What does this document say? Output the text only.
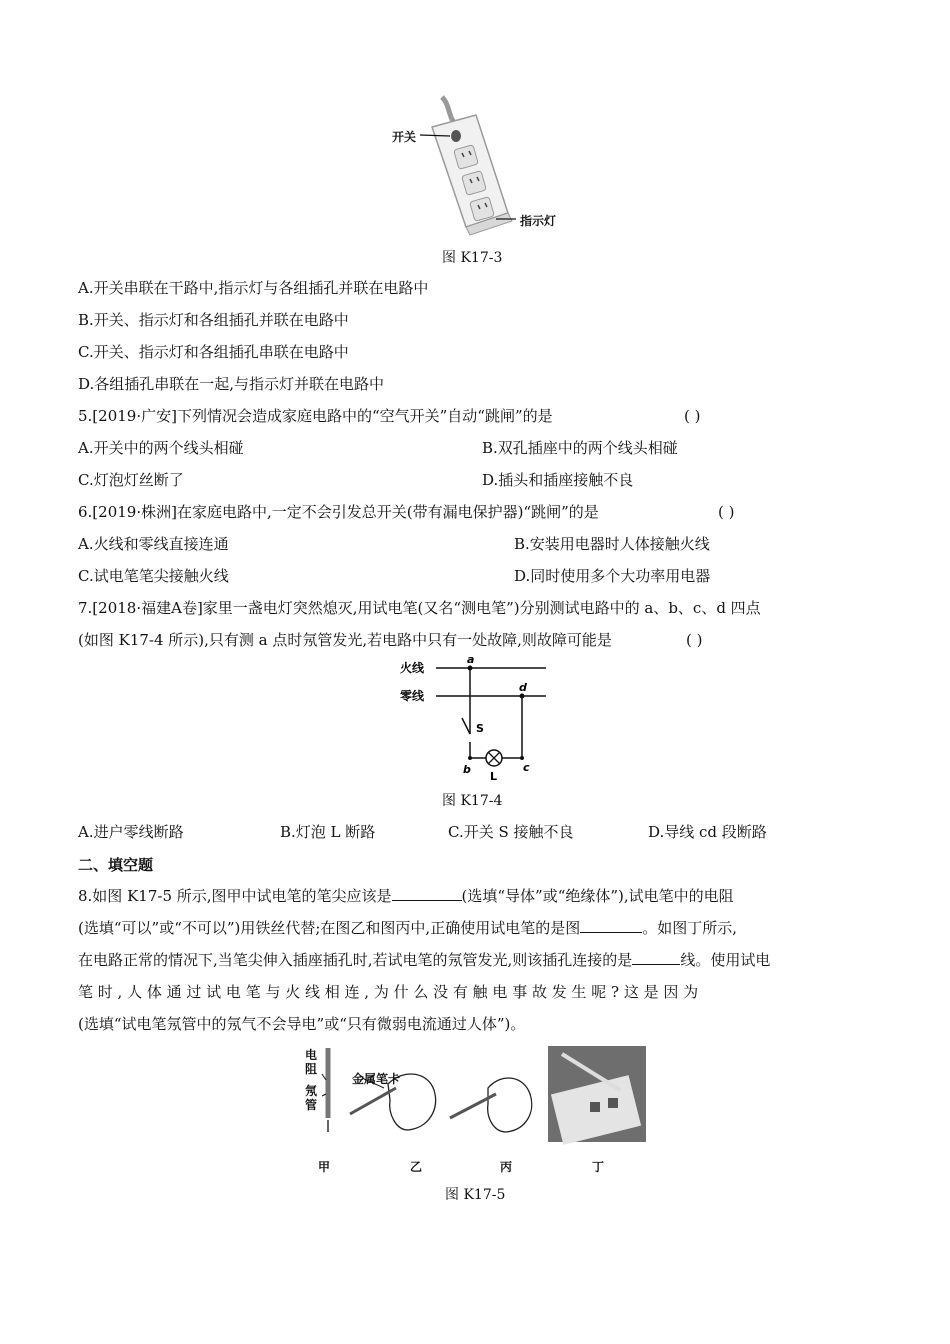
开关
指示灯
图 K17-3
A.开关串联在干路中,指示灯与各组插孔并联在电路中
B.开关、指示灯和各组插孔并联在电路中
C.开关、指示灯和各组插孔串联在电路中
D.各组插孔串联在一起,与指示灯并联在电路中
5.[2019·广安]下列情况会造成家庭电路中的“空气开关”自动“跳闸”的是	( )
A.开关中的两个线头相碰	B.双孔插座中的两个线头相碰
C.灯泡灯丝断了	D.插头和插座接触不良
6.[2019·株洲]在家庭电路中,一定不会引发总开关(带有漏电保护器)“跳闸”的是	( )
A.火线和零线直接连通	B.安装用电器时人体接触火线
C.试电笔笔尖接触火线	D.同时使用多个大功率用电器
7.[2018·福建A卷]家里一盏电灯突然熄灭,用试电笔(又名“测电笔”)分别测试电路中的 a、b、c、d 四点
(如图 K17-4 所示),只有测 a 点时氖管发光,若电路中只有一处故障,则故障可能是	( )
火线
零线
a
d
S
b	c
L
图 K17-4
A.进户零线断路	B.灯泡 L 断路	C.开关 S 接触不良	D.导线 cd 段断路
二、填空题
8.如图 K17-5 所示,图甲中试电笔的笔尖应该是	(选填“导体”或“绝缘体”),试电笔中的电阻
(选填“可以”或“不可以”)用铁丝代替;在图乙和图丙中,正确使用试电笔的是图	。如图丁所示,
在电路正常的情况下,当笔尖伸入插座插孔时,若试电笔的氖管发光,则该插孔连接的是	线。使用试电
笔 时 , 人 体 通 过 试 电 笔 与 火 线 相 连 , 为 什 么 没 有 触 电 事 故 发 生 呢 ? 这 是 因 为
(选填“试电笔氖管中的氖气不会导电”或“只有微弱电流通过人体”)。
电阻
氖管
金属笔卡
甲	乙	丙	丁
图 K17-5
